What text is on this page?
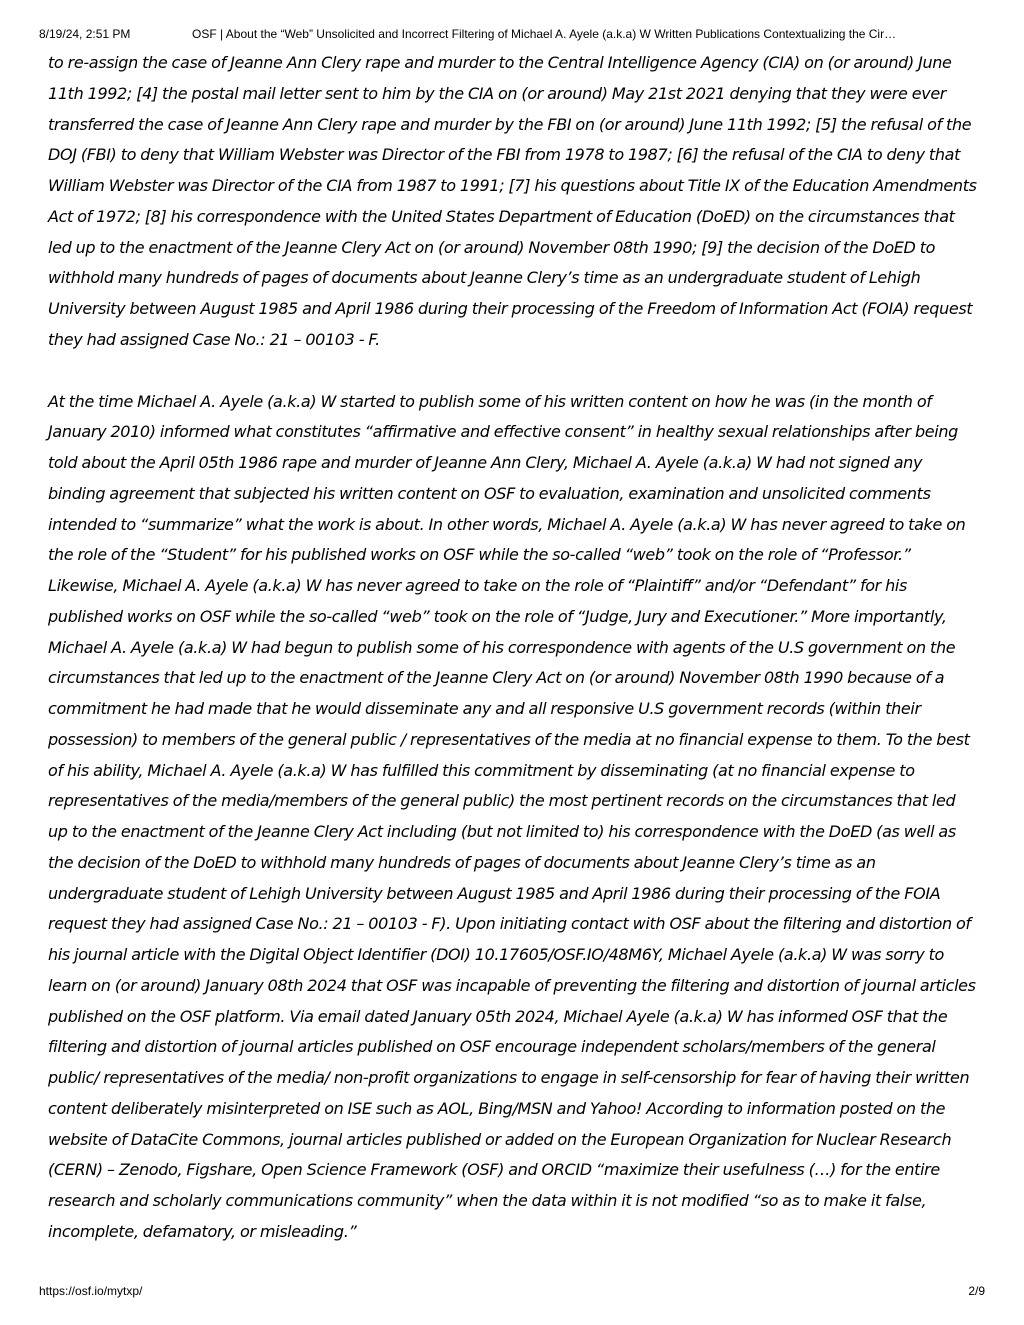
8/19/24, 2:51 PM	OSF | About the “Web” Unsolicited and Incorrect Filtering of Michael A. Ayele (a.k.a) W Written Publications Contextualizing the Cir…

to re-assign the case of Jeanne Ann Clery rape and murder to the Central Intelligence Agency (CIA) on (or around) June 11th 1992; [4] the postal mail letter sent to him by the CIA on (or around) May 21st 2021 denying that they were ever transferred the case of Jeanne Ann Clery rape and murder by the FBI on (or around) June 11th 1992; [5] the refusal of the DOJ (FBI) to deny that William Webster was Director of the FBI from 1978 to 1987; [6] the refusal of the CIA to deny that William Webster was Director of the CIA from 1987 to 1991; [7] his questions about Title IX of the Education Amendments Act of 1972; [8] his correspondence with the United States Department of Education (DoED) on the circumstances that led up to the enactment of the Jeanne Clery Act on (or around) November 08th 1990; [9] the decision of the DoED to withhold many hundreds of pages of documents about Jeanne Clery’s time as an undergraduate student of Lehigh University between August 1985 and April 1986 during their processing of the Freedom of Information Act (FOIA) request they had assigned Case No.: 21 – 00103 - F.

At the time Michael A. Ayele (a.k.a) W started to publish some of his written content on how he was (in the month of January 2010) informed what constitutes “affirmative and effective consent” in healthy sexual relationships after being told about the April 05th 1986 rape and murder of Jeanne Ann Clery, Michael A. Ayele (a.k.a) W had not signed any binding agreement that subjected his written content on OSF to evaluation, examination and unsolicited comments intended to “summarize” what the work is about. In other words, Michael A. Ayele (a.k.a) W has never agreed to take on the role of the “Student” for his published works on OSF while the so-called “web” took on the role of “Professor.” Likewise, Michael A. Ayele (a.k.a) W has never agreed to take on the role of “Plaintiff” and/or “Defendant” for his published works on OSF while the so-called “web” took on the role of “Judge, Jury and Executioner.” More importantly, Michael A. Ayele (a.k.a) W had begun to publish some of his correspondence with agents of the U.S government on the circumstances that led up to the enactment of the Jeanne Clery Act on (or around) November 08th 1990 because of a commitment he had made that he would disseminate any and all responsive U.S government records (within their possession) to members of the general public / representatives of the media at no financial expense to them. To the best of his ability, Michael A. Ayele (a.k.a) W has fulfilled this commitment by disseminating (at no financial expense to representatives of the media/members of the general public) the most pertinent records on the circumstances that led up to the enactment of the Jeanne Clery Act including (but not limited to) his correspondence with the DoED (as well as the decision of the DoED to withhold many hundreds of pages of documents about Jeanne Clery’s time as an undergraduate student of Lehigh University between August 1985 and April 1986 during their processing of the FOIA request they had assigned Case No.: 21 – 00103 - F). Upon initiating contact with OSF about the filtering and distortion of his journal article with the Digital Object Identifier (DOI) 10.17605/OSF.IO/48M6Y, Michael Ayele (a.k.a) W was sorry to learn on (or around) January 08th 2024 that OSF was incapable of preventing the filtering and distortion of journal articles published on the OSF platform. Via email dated January 05th 2024, Michael Ayele (a.k.a) W has informed OSF that the filtering and distortion of journal articles published on OSF encourage independent scholars/members of the general public/ representatives of the media/ non-profit organizations to engage in self-censorship for fear of having their written content deliberately misinterpreted on ISE such as AOL, Bing/MSN and Yahoo! According to information posted on the website of DataCite Commons, journal articles published or added on the European Organization for Nuclear Research (CERN) – Zenodo, Figshare, Open Science Framework (OSF) and ORCID “maximize their usefulness (…) for the entire research and scholarly communications community” when the data within it is not modified “so as to make it false, incomplete, defamatory, or misleading.”

https://osf.io/mytxp/	2/9
